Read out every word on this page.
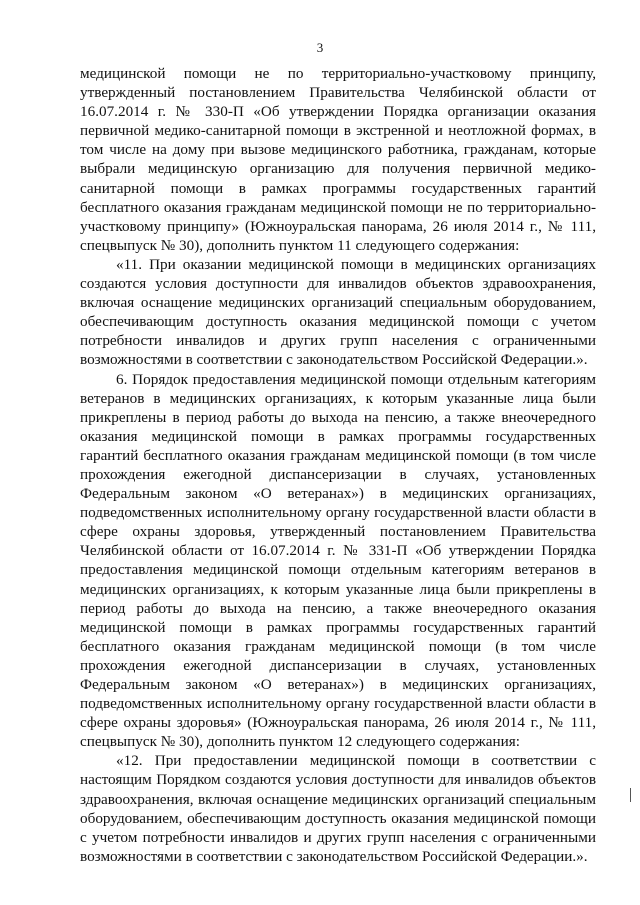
3

медицинской помощи не по территориально-участковому принципу, утвержденный постановлением Правительства Челябинской области от 16.07.2014 г. № 330-П «Об утверждении Порядка организации оказания первичной медико-санитарной помощи в экстренной и неотложной формах, в том числе на дому при вызове медицинского работника, гражданам, которые выбрали медицинскую организацию для получения первичной медико-санитарной помощи в рамках программы государственных гарантий бесплатного оказания гражданам медицинской помощи не по территориально-участковому принципу» (Южноуральская панорама, 26 июля 2014 г., № 111, спецвыпуск № 30), дополнить пунктом 11 следующего содержания:

«11. При оказании медицинской помощи в медицинских организациях создаются условия доступности для инвалидов объектов здравоохранения, включая оснащение медицинских организаций специальным оборудованием, обеспечивающим доступность оказания медицинской помощи с учетом потребности инвалидов и других групп населения с ограниченными возможностями в соответствии с законодательством Российской Федерации.».

6. Порядок предоставления медицинской помощи отдельным категориям ветеранов в медицинских организациях, к которым указанные лица были прикреплены в период работы до выхода на пенсию, а также внеочередного оказания медицинской помощи в рамках программы государственных гарантий бесплатного оказания гражданам медицинской помощи (в том числе прохождения ежегодной диспансеризации в случаях, установленных Федеральным законом «О ветеранах») в медицинских организациях, подведомственных исполнительному органу государственной власти области в сфере охраны здоровья, утвержденный постановлением Правительства Челябинской области от 16.07.2014 г. № 331-П «Об утверждении Порядка предоставления медицинской помощи отдельным категориям ветеранов в медицинских организациях, к которым указанные лица были прикреплены в период работы до выхода на пенсию, а также внеочередного оказания медицинской помощи в рамках программы государственных гарантий бесплатного оказания гражданам медицинской помощи (в том числе прохождения ежегодной диспансеризации в случаях, установленных Федеральным законом «О ветеранах») в медицинских организациях, подведомственных исполнительному органу государственной власти области в сфере охраны здоровья» (Южноуральская панорама, 26 июля 2014 г., № 111, спецвыпуск № 30), дополнить пунктом 12 следующего содержания:

«12. При предоставлении медицинской помощи в соответствии с настоящим Порядком создаются условия доступности для инвалидов объектов здравоохранения, включая оснащение медицинских организаций специальным оборудованием, обеспечивающим доступность оказания медицинской помощи с учетом потребности инвалидов и других групп населения с ограниченными возможностями в соответствии с законодательством Российской Федерации.».
